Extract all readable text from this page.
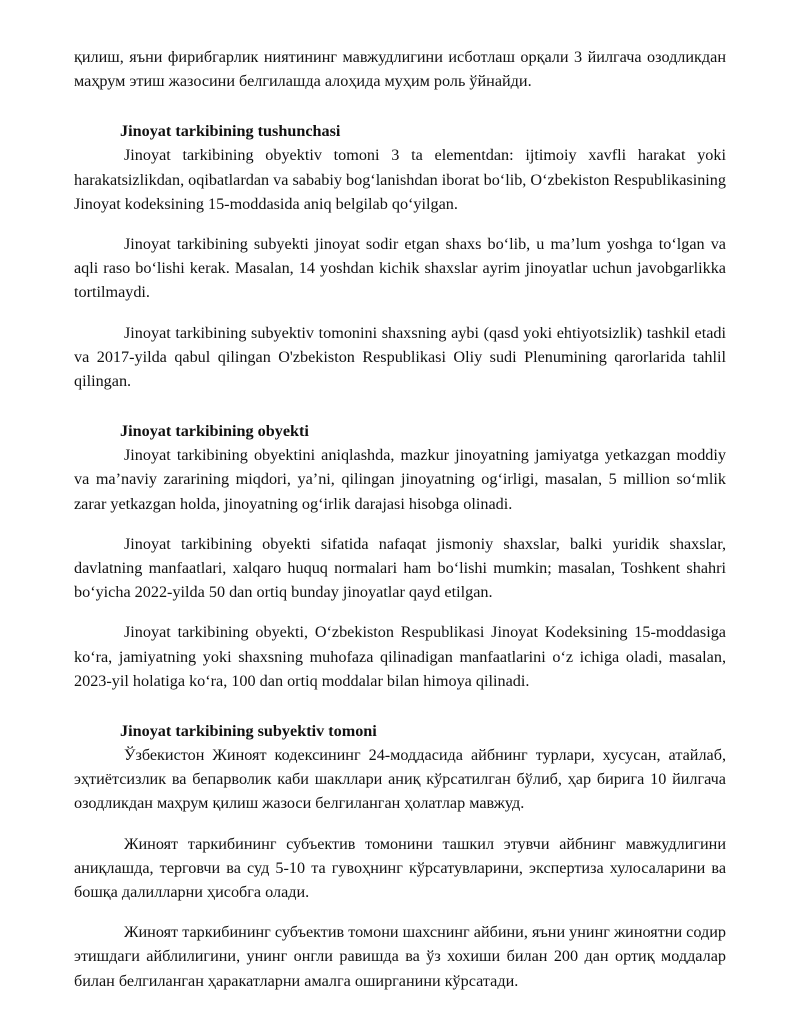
қилиш, яъни фирибгарлик ниятининг мавжудлигини исботлаш орқали 3 йилгача озодликдан маҳрум этиш жазосини белгилашда алоҳида муҳим роль ўйнайди.

Jinoyat tarkibining tushunchasi

Jinoyat tarkibining obyektiv tomoni 3 ta elementdan: ijtimoiy xavfli harakat yoki harakatsizlikdan, oqibatlardan va sababiy bogʻlanishdan iborat boʻlib, Oʻzbekiston Respublikasining Jinoyat kodeksining 15-moddasida aniq belgilab qoʻyilgan.

Jinoyat tarkibining subyekti jinoyat sodir etgan shaxs boʻlib, u maʼlum yoshga toʻlgan va aqli raso boʻlishi kerak. Masalan, 14 yoshdan kichik shaxslar ayrim jinoyatlar uchun javobgarlikka tortilmaydi.

Jinoyat tarkibining subyektiv tomonini shaxsning aybi (qasd yoki ehtiyotsizlik) tashkil etadi va 2017-yilda qabul qilingan O'zbekiston Respublikasi Oliy sudi Plenumining qarorlarida tahlil qilingan.

Jinoyat tarkibining obyekti

Jinoyat tarkibining obyektini aniqlashda, mazkur jinoyatning jamiyatga yetkazgan moddiy va maʼnaviy zararining miqdori, yaʼni, qilingan jinoyatning ogʻirligi, masalan, 5 million soʻmlik zarar yetkazgan holda, jinoyatning ogʻirlik darajasi hisobga olinadi.

Jinoyat tarkibining obyekti sifatida nafaqat jismoniy shaxslar, balki yuridik shaxslar, davlatning manfaatlari, xalqaro huquq normalari ham boʻlishi mumkin; masalan, Toshkent shahri boʻyicha 2022-yilda 50 dan ortiq bunday jinoyatlar qayd etilgan.

Jinoyat tarkibining obyekti, Oʻzbekiston Respublikasi Jinoyat Kodeksining 15-moddasiga koʻra, jamiyatning yoki shaxsning muhofaza qilinadigan manfaatlarini oʻz ichiga oladi, masalan, 2023-yil holatiga koʻra, 100 dan ortiq moddalar bilan himoya qilinadi.

Jinoyat tarkibining subyektiv tomoni

Ўзбекистон Жиноят кодексининг 24-моддасида айбнинг турлари, хусусан, атайлаб, эҳтиётсизлик ва бепарволик каби шакллари аниқ кўрсатилган бўлиб, ҳар бирига 10 йилгача озодликдан маҳрум қилиш жазоси белгиланган ҳолатлар мавжуд.

Жиноят таркибининг субъектив томонини ташкил этувчи айбнинг мавжудлигини аниқлашда, терговчи ва суд 5-10 та гувоҳнинг кўрсатувларини, экспертиза хулосаларини ва бошқа далилларни ҳисобга олади.

Жиноят таркибининг субъектив томони шахснинг айбини, яъни унинг жиноятни содир этишдаги айблилигини, унинг онгли равишда ва ўз хохиши билан 200 дан ортиқ моддалар билан белгиланган ҳаракатларни амалга оширганини кўрсатади.
